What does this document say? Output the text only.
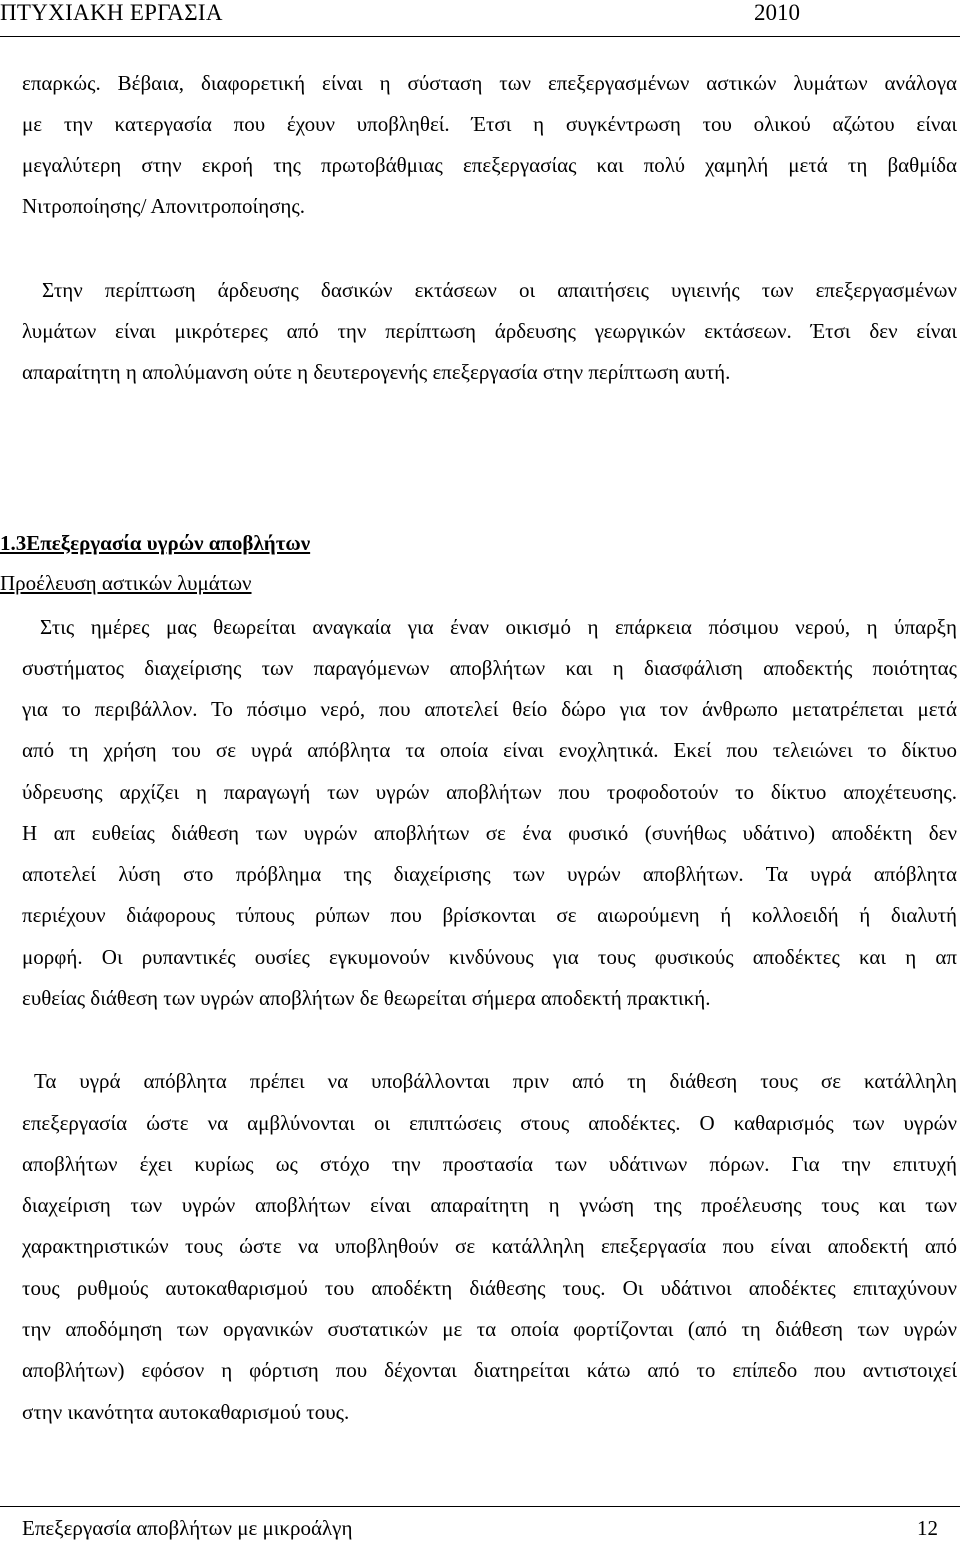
ΠΤΥΧΙΑΚΗ ΕΡΓΑΣΙΑ	2010
επαρκώς. Βέβαια, διαφορετική είναι η σύσταση των επεξεργασμένων αστικών λυμάτων ανάλογα
με την κατεργασία που έχουν υποβληθεί. Έτσι η συγκέντρωση του ολικού αζώτου είναι
μεγαλύτερη στην εκροή της πρωτοβάθμιας επεξεργασίας και πολύ χαμηλή μετά τη βαθμίδα
Νιτροποίησης/ Απονιτροποίησης.
Στην περίπτωση άρδευσης δασικών εκτάσεων οι απαιτήσεις υγιεινής των επεξεργασμένων
λυμάτων είναι μικρότερες από την περίπτωση άρδευσης γεωργικών εκτάσεων. Έτσι δεν είναι
απαραίτητη η απολύμανση ούτε η δευτερογενής επεξεργασία στην περίπτωση αυτή.
1.3Επεξεργασία υγρών αποβλήτων
Προέλευση αστικών λυμάτων
Στις ημέρες μας θεωρείται αναγκαία για έναν οικισμό η επάρκεια πόσιμου νερού, η ύπαρξη
συστήματος διαχείρισης των παραγόμενων αποβλήτων και η διασφάλιση αποδεκτής ποιότητας
για το περιβάλλον. Το πόσιμο νερό, που αποτελεί θείο δώρο για τον άνθρωπο μετατρέπεται μετά
από τη χρήση του σε υγρά απόβλητα τα οποία είναι ενοχλητικά. Εκεί που τελειώνει το δίκτυο
ύδρευσης αρχίζει η παραγωγή των υγρών αποβλήτων που τροφοδοτούν το δίκτυο αποχέτευσης.
Η απ ευθείας διάθεση των υγρών αποβλήτων σε ένα φυσικό (συνήθως υδάτινο) αποδέκτη δεν
αποτελεί λύση στο πρόβλημα της διαχείρισης των υγρών αποβλήτων. Τα υγρά απόβλητα
περιέχουν διάφορους τύπους ρύπων που βρίσκονται σε αιωρούμενη ή κολλοειδή ή διαλυτή
μορφή. Οι ρυπαντικές ουσίες εγκυμονούν κινδύνους για τους φυσικούς αποδέκτες και η απ
ευθείας διάθεση των υγρών αποβλήτων δε θεωρείται σήμερα αποδεκτή πρακτική.
Τα υγρά απόβλητα πρέπει να υποβάλλονται πριν από τη διάθεση τους σε κατάλληλη
επεξεργασία ώστε να αμβλύνονται οι επιπτώσεις στους αποδέκτες. Ο καθαρισμός των υγρών
αποβλήτων έχει κυρίως ως στόχο την προστασία των υδάτινων πόρων. Για την επιτυχή
διαχείριση των υγρών αποβλήτων είναι απαραίτητη η γνώση της προέλευσης τους και των
χαρακτηριστικών τους ώστε να υποβληθούν σε κατάλληλη επεξεργασία που είναι αποδεκτή από
τους ρυθμούς αυτοκαθαρισμού του αποδέκτη διάθεσης τους. Οι υδάτινοι αποδέκτες επιταχύνουν
την αποδόμηση των οργανικών συστατικών με τα οποία φορτίζονται (από τη διάθεση των υγρών
αποβλήτων) εφόσον η φόρτιση που δέχονται διατηρείται κάτω από το επίπεδο που αντιστοιχεί
στην ικανότητα αυτοκαθαρισμού τους.
Επεξεργασία αποβλήτων με μικροάλγη	12
